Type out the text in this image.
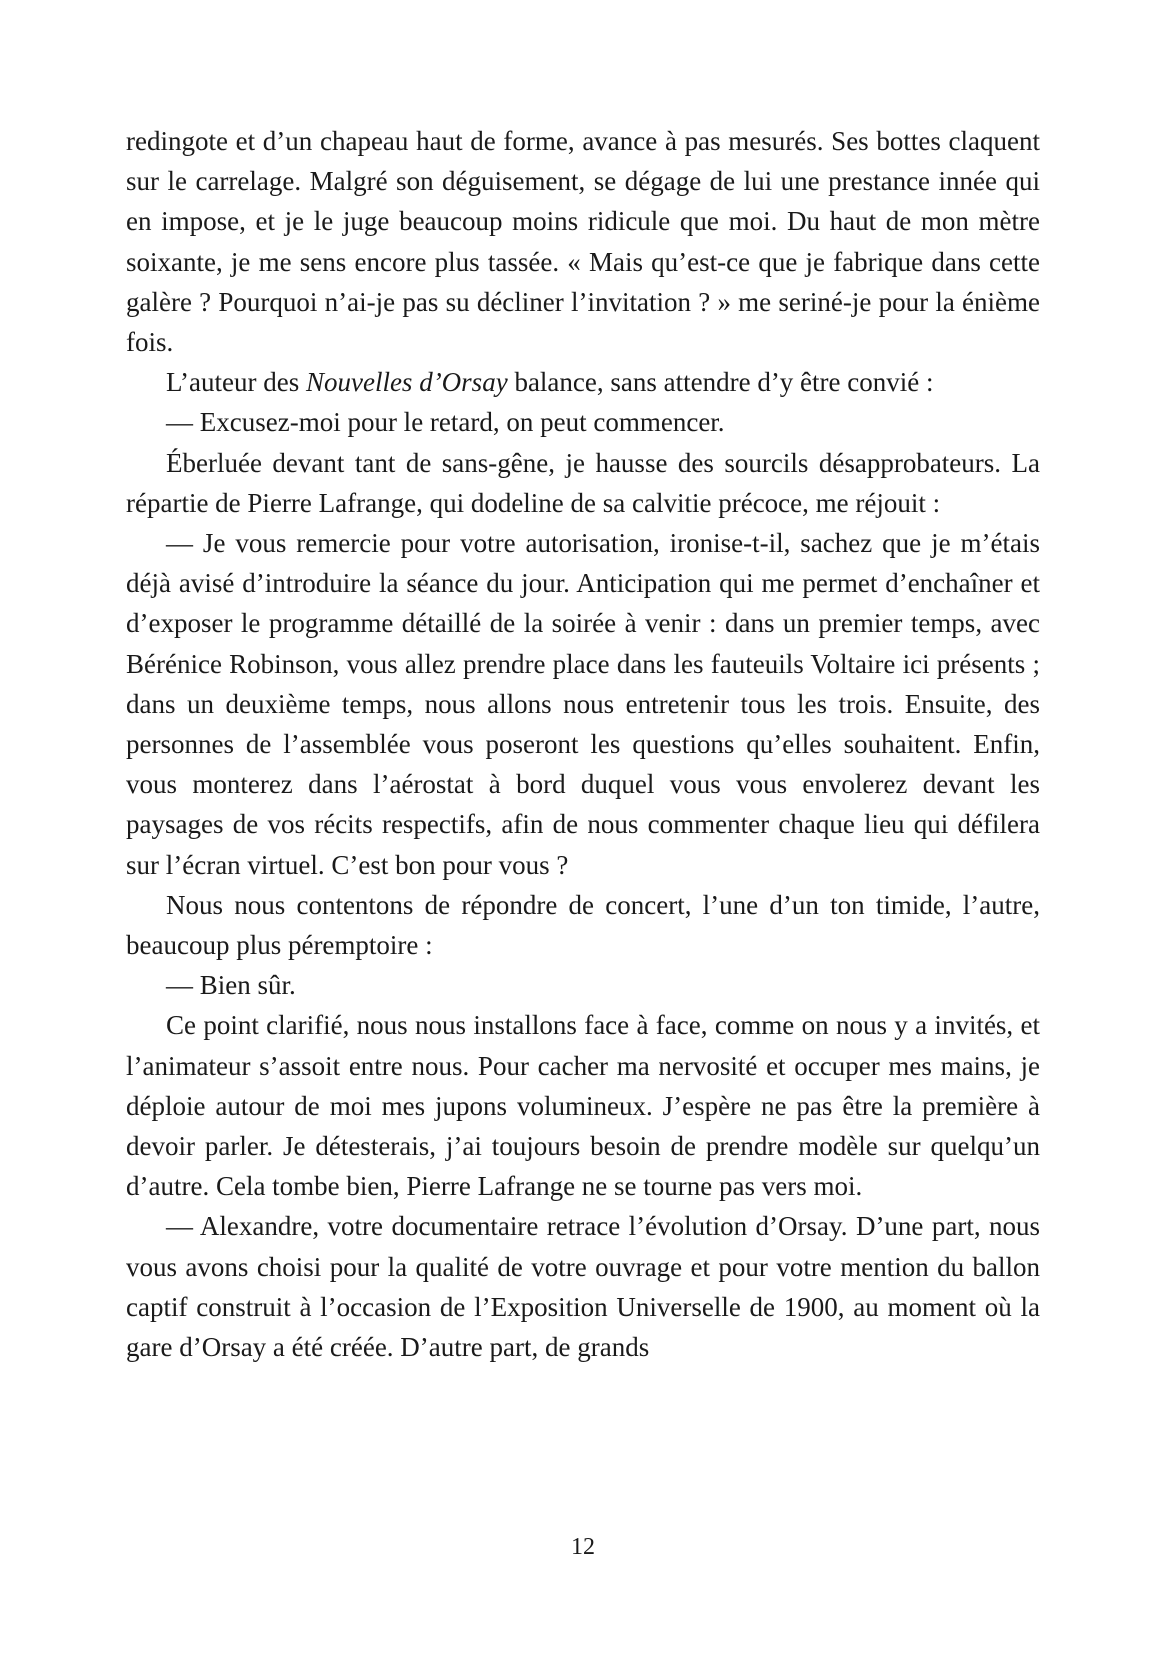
redingote et d’un chapeau haut de forme, avance à pas mesurés. Ses bottes claquent sur le carrelage. Malgré son déguisement, se dégage de lui une prestance innée qui en impose, et je le juge beaucoup moins ridicule que moi. Du haut de mon mètre soixante, je me sens encore plus tassée. « Mais qu’est-ce que je fabrique dans cette galère ? Pourquoi n’ai-je pas su décliner l’invitation ? » me seriné-je pour la énième fois.

L’auteur des Nouvelles d’Orsay balance, sans attendre d’y être convié :

— Excusez-moi pour le retard, on peut commencer.

Éberluée devant tant de sans-gêne, je hausse des sourcils désapprobateurs. La répartie de Pierre Lafrange, qui dodeline de sa calvitie précoce, me réjouit :

— Je vous remercie pour votre autorisation, ironise-t-il, sachez que je m’étais déjà avisé d’introduire la séance du jour. Anticipation qui me permet d’enchaîner et d’exposer le programme détaillé de la soirée à venir : dans un premier temps, avec Bérénice Robinson, vous allez prendre place dans les fauteuils Voltaire ici présents ; dans un deuxième temps, nous allons nous entretenir tous les trois. Ensuite, des personnes de l’assemblée vous poseront les questions qu’elles souhaitent. Enfin, vous monterez dans l’aérostat à bord duquel vous vous envolerez devant les paysages de vos récits respectifs, afin de nous commenter chaque lieu qui défilera sur l’écran virtuel. C’est bon pour vous ?

Nous nous contentons de répondre de concert, l’une d’un ton timide, l’autre, beaucoup plus péremptoire :

— Bien sûr.

Ce point clarifié, nous nous installons face à face, comme on nous y a invités, et l’animateur s’assoit entre nous. Pour cacher ma nervosité et occuper mes mains, je déploie autour de moi mes jupons volumineux. J’espère ne pas être la première à devoir parler. Je détesterais, j’ai toujours besoin de prendre modèle sur quelqu’un d’autre. Cela tombe bien, Pierre Lafrange ne se tourne pas vers moi.

— Alexandre, votre documentaire retrace l’évolution d’Orsay. D’une part, nous vous avons choisi pour la qualité de votre ouvrage et pour votre mention du ballon captif construit à l’occasion de l’Exposition Universelle de 1900, au moment où la gare d’Orsay a été créée. D’autre part, de grands

12
